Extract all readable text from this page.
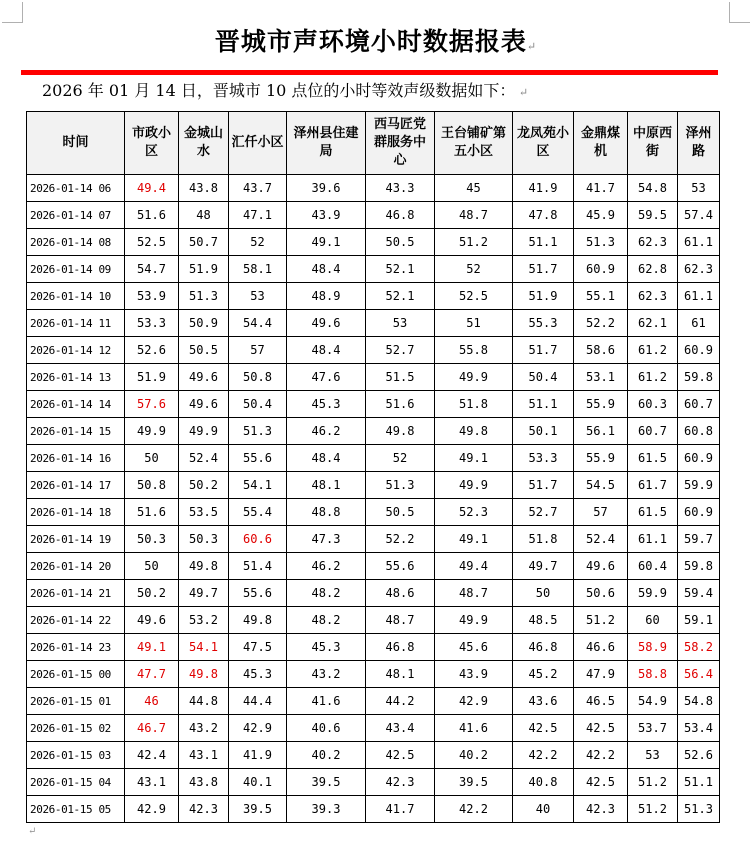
晋城市声环境小时数据报表↵
2026 年 01 月 14 日，晋城市 10 点位的小时等效声级数据如下： ↵
时间	市政小区	金城山水	汇仟小区	泽州县住建局	西马匠党群服务中心	王台铺矿第五小区	龙凤苑小区	金鼎煤机	中原西街	泽州路
2026-01-14 06	49.4	43.8	43.7	39.6	43.3	45	41.9	41.7	54.8	53
2026-01-14 07	51.6	48	47.1	43.9	46.8	48.7	47.8	45.9	59.5	57.4
2026-01-14 08	52.5	50.7	52	49.1	50.5	51.2	51.1	51.3	62.3	61.1
2026-01-14 09	54.7	51.9	58.1	48.4	52.1	52	51.7	60.9	62.8	62.3
2026-01-14 10	53.9	51.3	53	48.9	52.1	52.5	51.9	55.1	62.3	61.1
2026-01-14 11	53.3	50.9	54.4	49.6	53	51	55.3	52.2	62.1	61
2026-01-14 12	52.6	50.5	57	48.4	52.7	55.8	51.7	58.6	61.2	60.9
2026-01-14 13	51.9	49.6	50.8	47.6	51.5	49.9	50.4	53.1	61.2	59.8
2026-01-14 14	57.6	49.6	50.4	45.3	51.6	51.8	51.1	55.9	60.3	60.7
2026-01-14 15	49.9	49.9	51.3	46.2	49.8	49.8	50.1	56.1	60.7	60.8
2026-01-14 16	50	52.4	55.6	48.4	52	49.1	53.3	55.9	61.5	60.9
2026-01-14 17	50.8	50.2	54.1	48.1	51.3	49.9	51.7	54.5	61.7	59.9
2026-01-14 18	51.6	53.5	55.4	48.8	50.5	52.3	52.7	57	61.5	60.9
2026-01-14 19	50.3	50.3	60.6	47.3	52.2	49.1	51.8	52.4	61.1	59.7
2026-01-14 20	50	49.8	51.4	46.2	55.6	49.4	49.7	49.6	60.4	59.8
2026-01-14 21	50.2	49.7	55.6	48.2	48.6	48.7	50	50.6	59.9	59.4
2026-01-14 22	49.6	53.2	49.8	48.2	48.7	49.9	48.5	51.2	60	59.1
2026-01-14 23	49.1	54.1	47.5	45.3	46.8	45.6	46.8	46.6	58.9	58.2
2026-01-15 00	47.7	49.8	45.3	43.2	48.1	43.9	45.2	47.9	58.8	56.4
2026-01-15 01	46	44.8	44.4	41.6	44.2	42.9	43.6	46.5	54.9	54.8
2026-01-15 02	46.7	43.2	42.9	40.6	43.4	41.6	42.5	42.5	53.7	53.4
2026-01-15 03	42.4	43.1	41.9	40.2	42.5	40.2	42.2	42.2	53	52.6
2026-01-15 04	43.1	43.8	40.1	39.5	42.3	39.5	40.8	42.5	51.2	51.1
2026-01-15 05	42.9	42.3	39.5	39.3	41.7	42.2	40	42.3	51.2	51.3
↵
